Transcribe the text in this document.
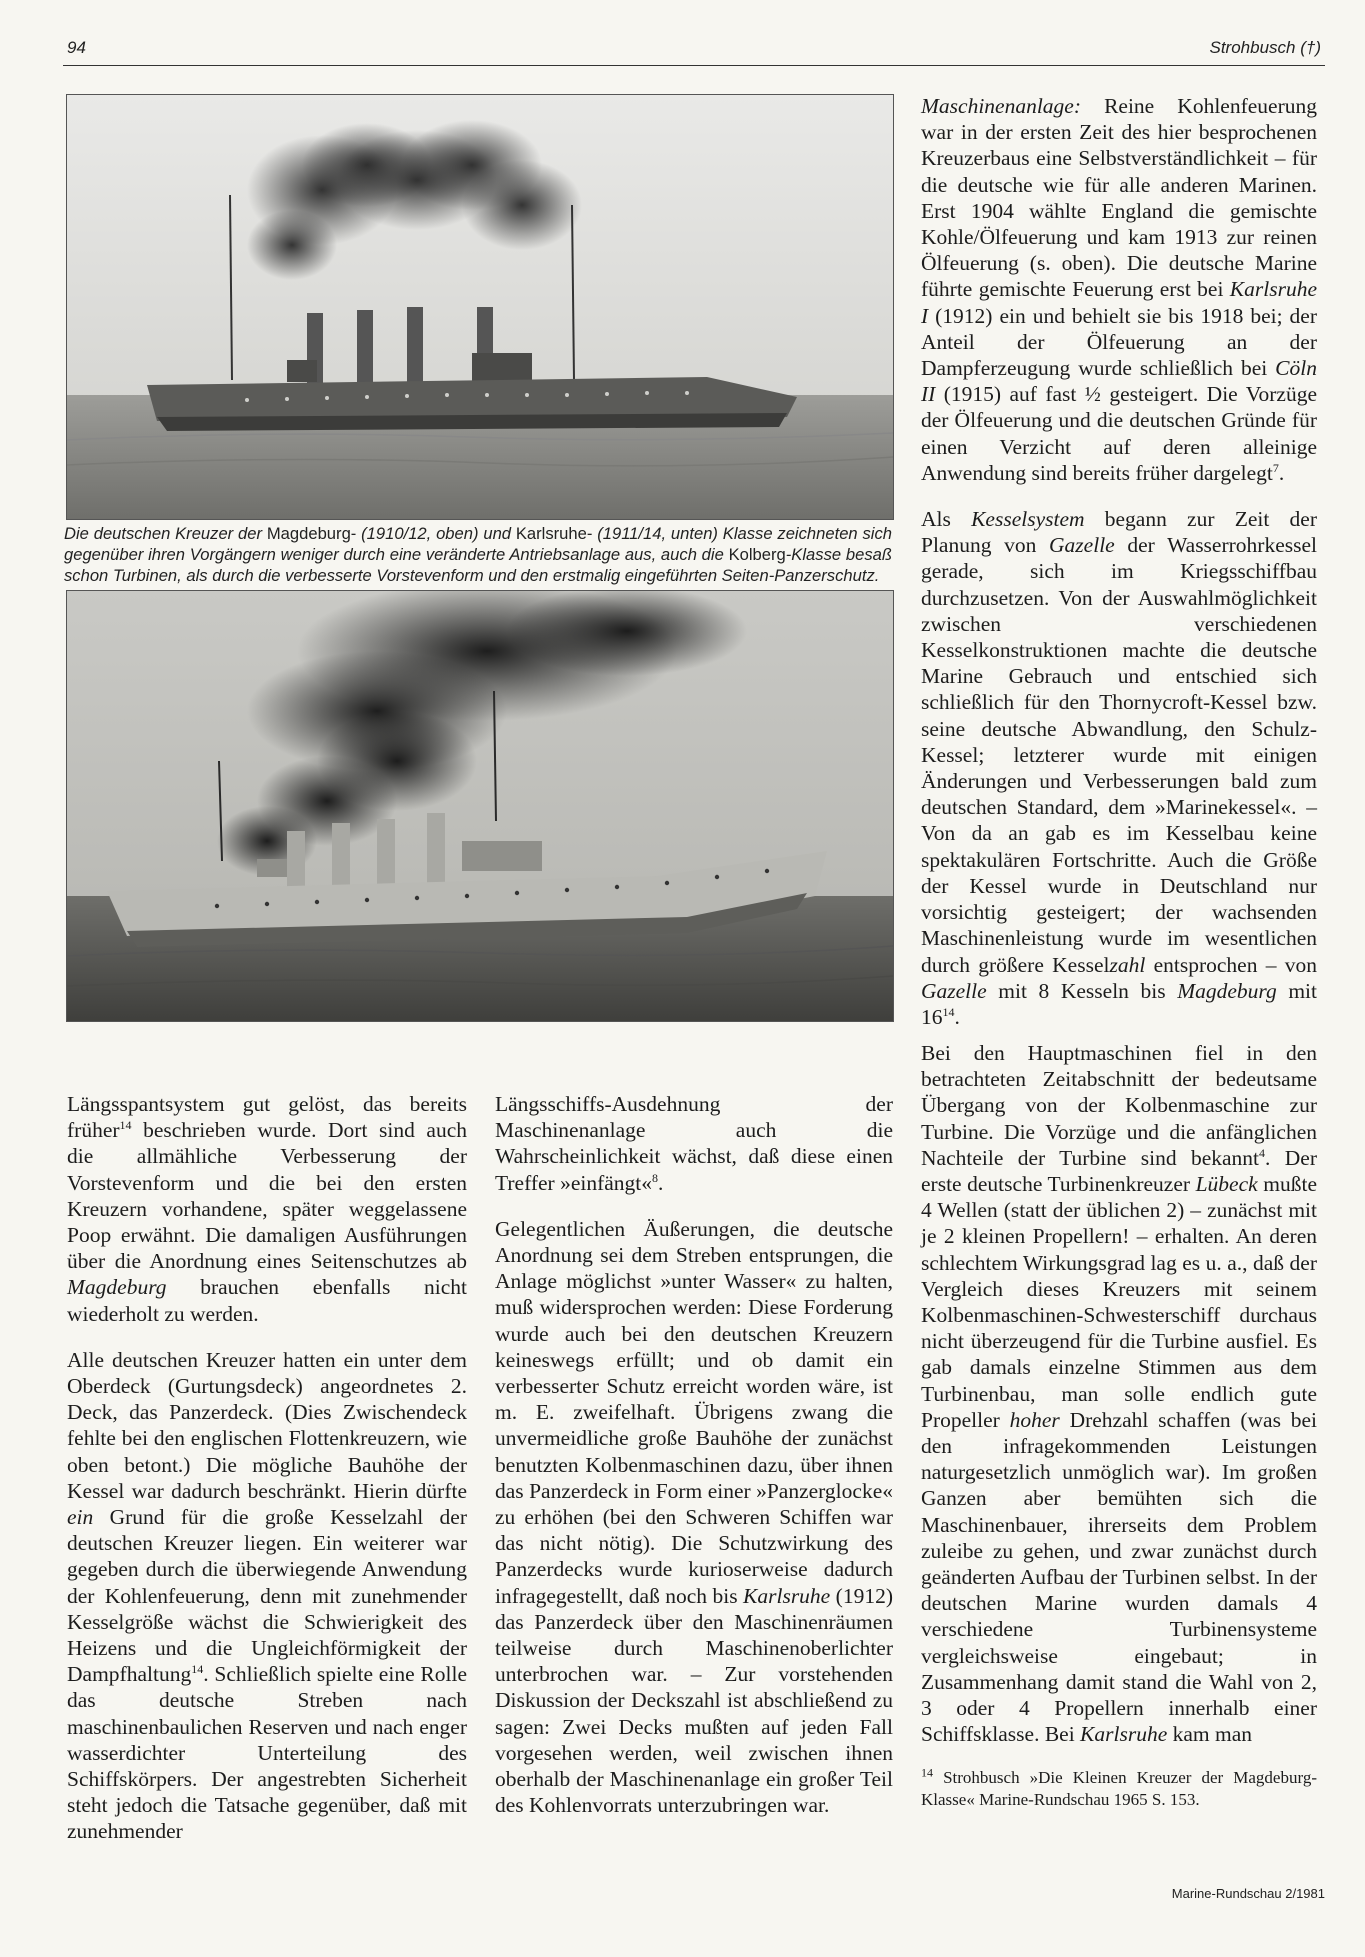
94	Strohbusch (†)
Die deutschen Kreuzer der Magdeburg- (1910/12, oben) und Karlsruhe- (1911/14, unten) Klasse zeichneten sich gegenüber ihren Vorgängern weniger durch eine veränderte Antriebsanlage aus, auch die Kolberg-Klasse besaß schon Turbinen, als durch die verbesserte Vorstevenform und den erstmalig eingeführten Seiten-Panzerschutz.

Maschinenanlage: Reine Kohlenfeuerung war in der ersten Zeit des hier besprochenen Kreuzerbaus eine Selbstverständlichkeit – für die deutsche wie für alle anderen Marinen. Erst 1904 wählte England die gemischte Kohle/Ölfeuerung und kam 1913 zur reinen Ölfeuerung (s. oben). Die deutsche Marine führte gemischte Feuerung erst bei Karlsruhe I (1912) ein und behielt sie bis 1918 bei; der Anteil der Ölfeuerung an der Dampferzeugung wurde schließlich bei Cöln II (1915) auf fast ½ gesteigert. Die Vorzüge der Ölfeuerung und die deutschen Gründe für einen Verzicht auf deren alleinige Anwendung sind bereits früher dargelegt$^7$.

Als Kesselsystem begann zur Zeit der Planung von Gazelle der Wasserrohrkessel gerade, sich im Kriegsschiffbau durchzusetzen. Von der Auswahlmöglichkeit zwischen verschiedenen Kesselkonstruktionen machte die deutsche Marine Gebrauch und entschied sich schließlich für den Thornycroft-Kessel bzw. seine deutsche Abwandlung, den Schulz-Kessel; letzterer wurde mit einigen Änderungen und Verbesserungen bald zum deutschen Standard, dem »Marinekessel«. – Von da an gab es im Kesselbau keine spektakulären Fortschritte. Auch die Größe der Kessel wurde in Deutschland nur vorsichtig gesteigert; der wachsenden Maschinenleistung wurde im wesentlichen durch größere Kesselzahl entsprochen – von Gazelle mit 8 Kesseln bis Magdeburg mit $16^{14}$.

Längsspantsystem gut gelöst, das bereits früher$^{14}$ beschrieben wurde. Dort sind auch die allmähliche Verbesserung der Vorstevenform und die bei den ersten Kreuzern vorhandene, später weggelassene Poop erwähnt. Die damaligen Ausführungen über die Anordnung eines Seitenschutzes ab Magdeburg brauchen ebenfalls nicht wiederholt zu werden.

Alle deutschen Kreuzer hatten ein unter dem Oberdeck (Gurtungsdeck) angeordnetes 2. Deck, das Panzerdeck. (Dies Zwischendeck fehlte bei den englischen Flottenkreuzern, wie oben betont.) Die mögliche Bauhöhe der Kessel war dadurch beschränkt. Hierin dürfte ein Grund für die große Kesselzahl der deutschen Kreuzer liegen. Ein weiterer war gegeben durch die überwiegende Anwendung der Kohlenfeuerung, denn mit zunehmender Kesselgröße wächst die Schwierigkeit des Heizens und die Ungleichförmigkeit der Dampfhaltung$^{14}$. Schließlich spielte eine Rolle das deutsche Streben nach maschinenbaulichen Reserven und nach enger wasserdichter Unterteilung des Schiffskörpers. Der angestrebten Sicherheit steht jedoch die Tatsache gegenüber, daß mit zunehmender

Längsschiffs-Ausdehnung der Maschinenanlage auch die Wahrscheinlichkeit wächst, daß diese einen Treffer »einfängt«$^8$.

Gelegentlichen Äußerungen, die deutsche Anordnung sei dem Streben entsprungen, die Anlage möglichst »unter Wasser« zu halten, muß widersprochen werden: Diese Forderung wurde auch bei den deutschen Kreuzern keineswegs erfüllt; und ob damit ein verbesserter Schutz erreicht worden wäre, ist m. E. zweifelhaft. Übrigens zwang die unvermeidliche große Bauhöhe der zunächst benutzten Kolbenmaschinen dazu, über ihnen das Panzerdeck in Form einer »Panzerglocke« zu erhöhen (bei den Schweren Schiffen war das nicht nötig). Die Schutzwirkung des Panzerdecks wurde kurioserweise dadurch infragegestellt, daß noch bis Karlsruhe (1912) das Panzerdeck über den Maschinenräumen teilweise durch Maschinenoberlichter unterbrochen war. – Zur vorstehenden Diskussion der Deckszahl ist abschließend zu sagen: Zwei Decks mußten auf jeden Fall vorgesehen werden, weil zwischen ihnen oberhalb der Maschinenanlage ein großer Teil des Kohlenvorrats unterzubringen war.

Bei den Hauptmaschinen fiel in den betrachteten Zeitabschnitt der bedeutsame Übergang von der Kolbenmaschine zur Turbine. Die Vorzüge und die anfänglichen Nachteile der Turbine sind bekannt$^4$. Der erste deutsche Turbinenkreuzer Lübeck mußte 4 Wellen (statt der üblichen 2) – zunächst mit je 2 kleinen Propellern! – erhalten. An deren schlechtem Wirkungsgrad lag es u. a., daß der Vergleich dieses Kreuzers mit seinem Kolbenmaschinen-Schwesterschiff durchaus nicht überzeugend für die Turbine ausfiel. Es gab damals einzelne Stimmen aus dem Turbinenbau, man solle endlich gute Propeller hoher Drehzahl schaffen (was bei den infragekommenden Leistungen naturgesetzlich unmöglich war). Im großen Ganzen aber bemühten sich die Maschinenbauer, ihrerseits dem Problem zuleibe zu gehen, und zwar zunächst durch geänderten Aufbau der Turbinen selbst. In der deutschen Marine wurden damals 4 verschiedene Turbinensysteme vergleichsweise eingebaut; in Zusammenhang damit stand die Wahl von 2, 3 oder 4 Propellern innerhalb einer Schiffsklasse. Bei Karlsruhe kam man

$^{14}$ Strohbusch »Die Kleinen Kreuzer der Magdeburg-Klasse« Marine-Rundschau 1965 S. 153.
Marine-Rundschau 2/1981
